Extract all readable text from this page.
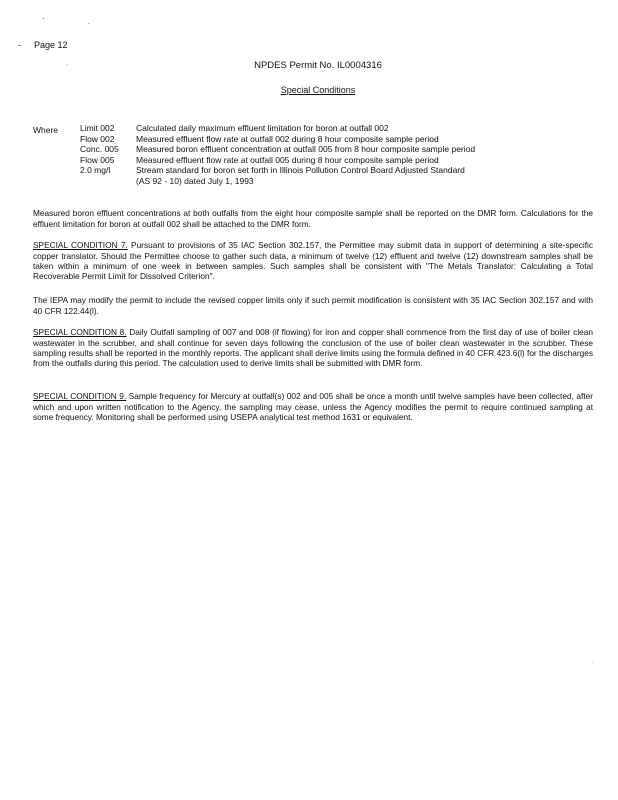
·
´
-
·
·
Page 12
NPDES Permit No. IL0004316
Special Conditions
Where	Limit 002	Calculated daily maximum effluent limitation for boron at outfall 002
Flow 002	Measured effluent flow rate at outfall 002 during 8 hour composite sample period
Conc. 005	Measured boron effluent concentration at outfall 005 from 8 hour composite sample period
Flow 005	Measured effluent flow rate at outfall 005 during 8 hour composite sample period
2.0 mg/l	Stream standard for boron set forth in Illinois Pollution Control Board Adjusted Standard
(AS 92 - 10) dated July 1, 1993

Measured boron effluent concentrations at both outfalls from the eight hour composite sample shall be reported on the DMR form. Calculations for the effluent limitation for boron at outfall 002 shall be attached to the DMR form.

SPECIAL CONDITION 7. Pursuant to provisions of 35 IAC Section 302.157, the Permittee may submit data in support of determining a site-specific copper translator. Should the Permittee choose to gather such data, a minimum of twelve (12) effluent and twelve (12) downstream samples shall be taken within a minimum of one week in between samples. Such samples shall be consistent with "The Metals Translator: Calculating a Total Recoverable Permit Limit for Dissolved Criterion".

The IEPA may modify the permit to include the revised copper limits only if such permit modification is consistent with 35 IAC Section 302.157 and with 40 CFR 122.44(l).

SPECIAL CONDITION 8. Daily Outfall sampling of 007 and 008 (if flowing) for iron and copper shall commence from the first day of use of boiler clean wastewater in the scrubber, and shall continue for seven days following the conclusion of the use of boiler clean wastewater in the scrubber. These sampling results shall be reported in the monthly reports. The applicant shall derive limits using the formula defined in 40 CFR 423.6(l) for the discharges from the outfalls during this period. The calculation used to derive limits shall be submitted with DMR form.

SPECIAL CONDITION 9. Sample frequency for Mercury at outfall(s) 002 and 005 shall be once a month until twelve samples have been collected, after which and upon written notification to the Agency, the sampling may cease, unless the Agency modifies the permit to require continued sampling at some frequency. Monitoring shall be performed using USEPA analytical test method 1631 or equivalent.
